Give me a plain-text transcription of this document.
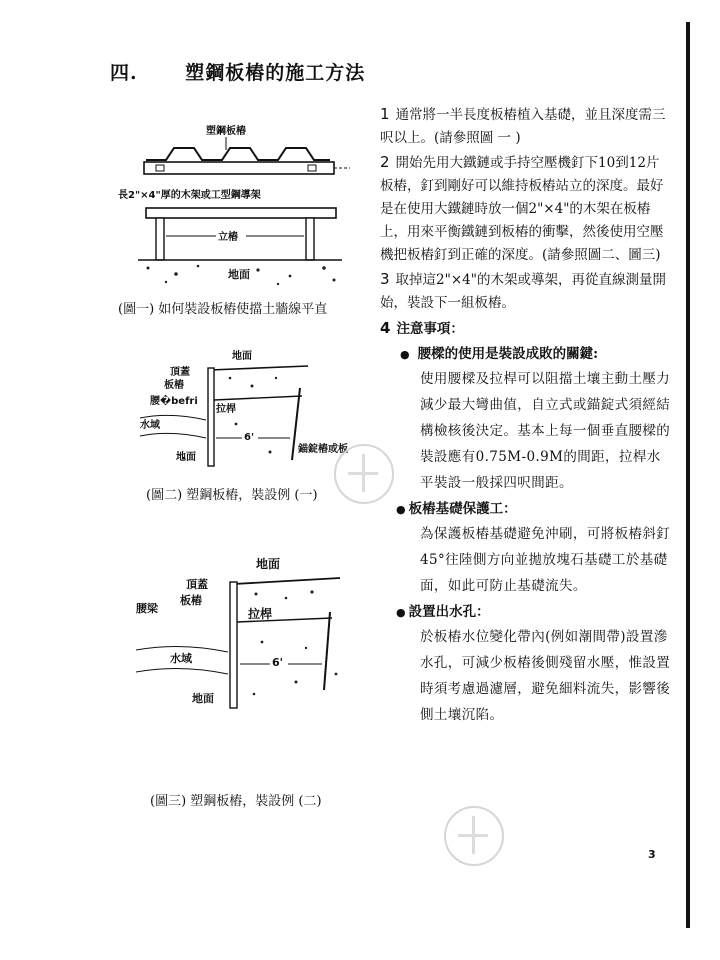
四.	塑鋼板樁的施工方法
塑鋼板樁
長2"×4"厚的木架或工型鋼導架
立樁
地面
(圖一) 如何裝設板樁使擋土牆線平直
地面
頂蓋
板樁
腰�befri
水域
拉桿
6'
地面
錨錠樁或板
(圖二) 塑鋼板樁，裝設例 (一)
地面
頂蓋
板樁
腰梁	拉桿
水域	6'
地面
(圖三) 塑鋼板樁，裝設例 (二)

1 通常將一半長度板樁植入基礎，並且深度需三呎以上。(請參照圖 一 )

2 開始先用大鐵鏈或手持空壓機釘下10到12片板樁，釘到剛好可以維持板樁站立的深度。最好是在使用大鐵鏈時放一個2"×4"的木架在板樁上，用來平衡鐵鏈到板樁的衝擊，然後使用空壓機把板樁釘到正確的深度。(請參照圖二、圖三)

3 取掉這2"×4"的木架或導架，再從直線測量開始，裝設下一組板樁。

4 注意事項：

● 腰樑的使用是裝設成敗的關鍵:
使用腰樑及拉桿可以阻擋土壤主動土壓力減少最大彎曲值，自立式或錨錠式須經結構檢核後決定。基本上每一個垂直腰樑的裝設應有0.75M-0.9M的間距，拉桿水平裝設一般採四呎間距。
● 板樁基礎保護工：
為保護板樁基礎避免沖刷，可將板樁斜釘45°往陸側方向並拋放塊石基礎工於基礎面，如此可防止基礎流失。
● 設置出水孔：
於板樁水位變化帶內(例如潮間帶)設置滲水孔，可減少板樁後側殘留水壓，惟設置時須考慮過濾層，避免細料流失，影響後側土壤沉陷。
3
